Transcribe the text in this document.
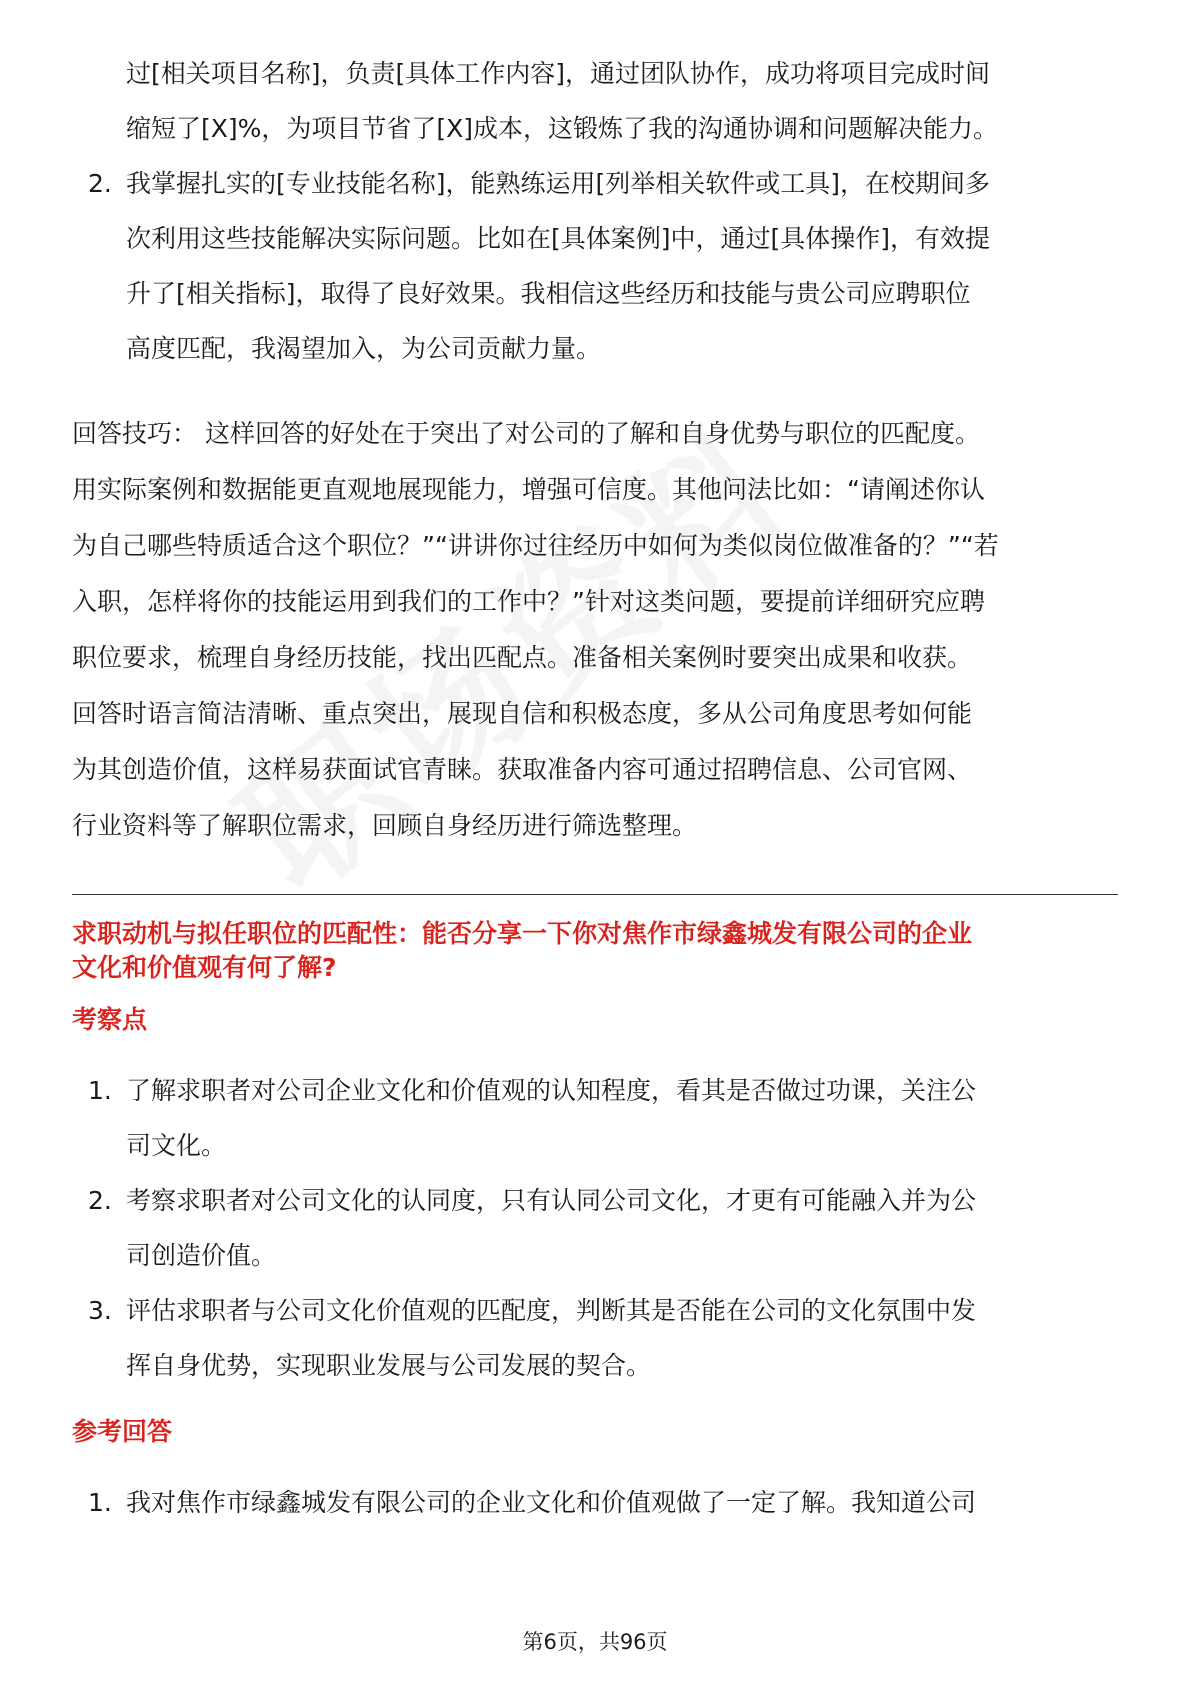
过[相关项目名称]，负责[具体工作内容]，通过团队协作，成功将项目完成时间
缩短了[X]%，为项目节省了[X]成本，这锻炼了我的沟通协调和问题解决能力。
2. 我掌握扎实的[专业技能名称]，能熟练运用[列举相关软件或工具]，在校期间多
次利用这些技能解决实际问题。比如在[具体案例]中，通过[具体操作]，有效提
升了[相关指标]，取得了良好效果。我相信这些经历和技能与贵公司应聘职位
高度匹配，我渴望加入，为公司贡献力量。
回答技巧： 这样回答的好处在于突出了对公司的了解和自身优势与职位的匹配度。
用实际案例和数据能更直观地展现能力，增强可信度。其他问法比如：“请阐述你认
为自己哪些特质适合这个职位？”“讲讲你过往经历中如何为类似岗位做准备的？”“若
入职，怎样将你的技能运用到我们的工作中？”针对这类问题，要提前详细研究应聘
职位要求，梳理自身经历技能，找出匹配点。准备相关案例时要突出成果和收获。
回答时语言简洁清晰、重点突出，展现自信和积极态度，多从公司角度思考如何能
为其创造价值，这样易获面试官青睐。获取准备内容可通过招聘信息、公司官网、
行业资料等了解职位需求，回顾自身经历进行筛选整理。
求职动机与拟任职位的匹配性：能否分享一下你对焦作市绿鑫城发有限公司的企业
文化和价值观有何了解?
考察点
1. 了解求职者对公司企业文化和价值观的认知程度，看其是否做过功课，关注公
司文化。
2. 考察求职者对公司文化的认同度，只有认同公司文化，才更有可能融入并为公
司创造价值。
3. 评估求职者与公司文化价值观的匹配度，判断其是否能在公司的文化氛围中发
挥自身优势，实现职业发展与公司发展的契合。
参考回答
1. 我对焦作市绿鑫城发有限公司的企业文化和价值观做了一定了解。我知道公司
第6页，共96页
